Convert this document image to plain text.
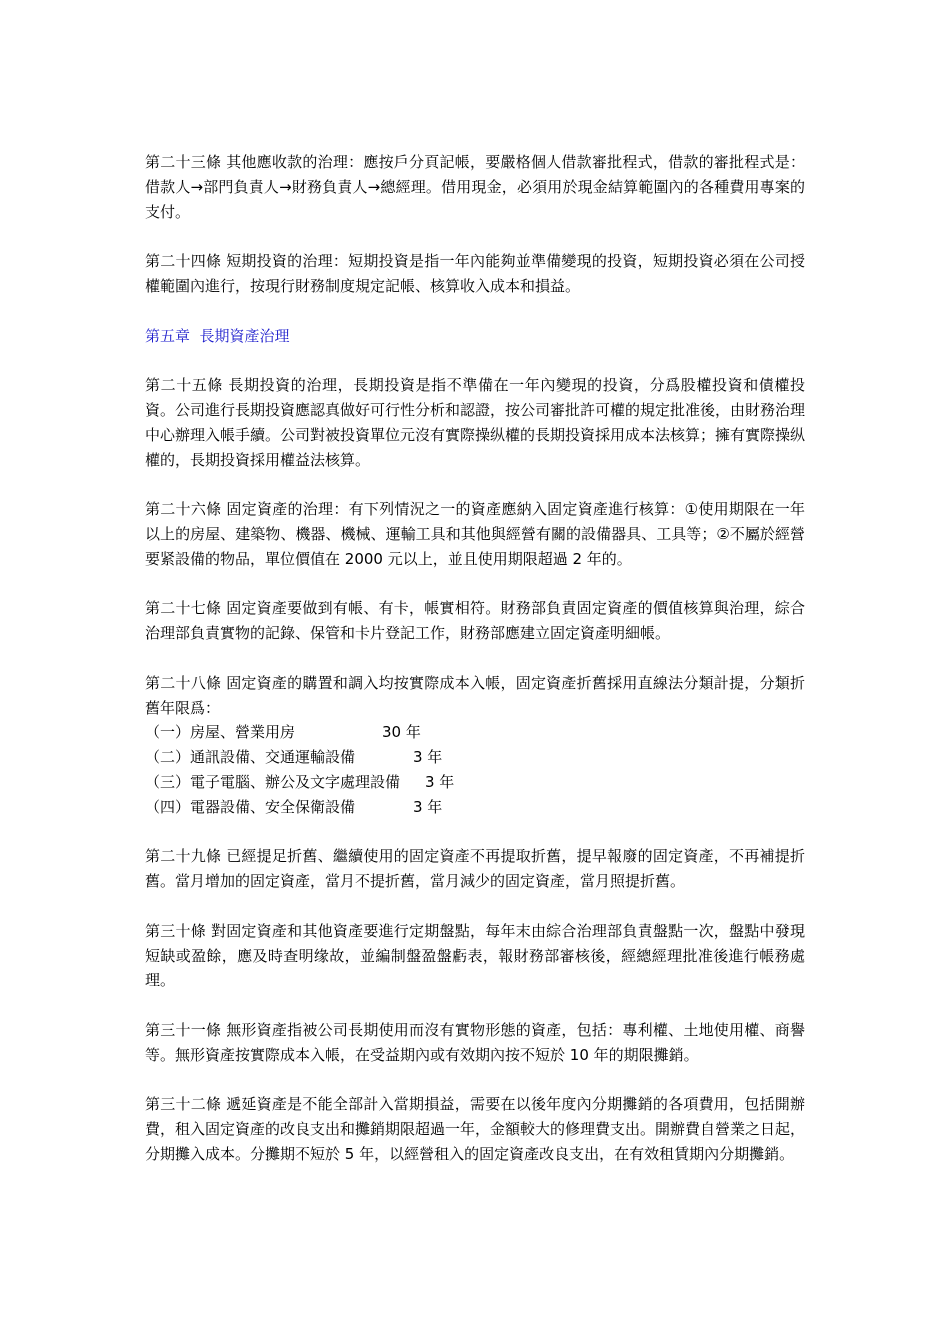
第二十三條 其他應收款的治理：應按戶分頁記帳，要嚴格個人借款審批程式，借款的審批程式是：借款人→部門負責人→財務負責人→總經理。借用現金，必須用於現金結算範圍內的各種費用專案的支付。

第二十四條 短期投資的治理：短期投資是指一年內能夠並準備變現的投資，短期投資必須在公司授權範圍內進行，按現行財務制度規定記帳、核算收入成本和損益。

第五章  長期資產治理

第二十五條 長期投資的治理，長期投資是指不準備在一年內變現的投資，分爲股權投資和債權投資。公司進行長期投資應認真做好可行性分析和認證，按公司審批許可權的規定批准後，由財務治理中心辦理入帳手續。公司對被投資單位元沒有實際操纵權的長期投資採用成本法核算；擁有實際操纵權的，長期投資採用權益法核算。

第二十六條 固定資產的治理：有下列情況之一的資產應納入固定資產進行核算：①使用期限在一年以上的房屋、建築物、機器、機械、運輸工具和其他與經營有關的設備器具、工具等；②不屬於經營要紧設備的物品，單位價值在 2000 元以上，並且使用期限超過 2 年的。

第二十七條 固定資產要做到有帳、有卡，帳實相符。財務部負責固定資產的價值核算與治理，綜合治理部負責實物的記錄、保管和卡片登記工作，財務部應建立固定資產明細帳。

第二十八條 固定資產的購置和調入均按實際成本入帳，固定資產折舊採用直線法分類計提，分類折舊年限爲：
（一）房屋、營業用房	30 年
（二）通訊設備、交通運輸設備	3 年
（三）電子電腦、辦公及文字處理設備 3 年
（四）電器設備、安全保衛設備	3 年

第二十九條 已經提足折舊、繼續使用的固定資產不再提取折舊，提早報廢的固定資產，不再補提折舊。當月增加的固定資產，當月不提折舊，當月減少的固定資產，當月照提折舊。

第三十條 對固定資產和其他資產要進行定期盤點，每年末由綜合治理部負責盤點一次，盤點中發現短缺或盈餘，應及時查明缘故，並編制盤盈盤虧表，報財務部審核後，經總經理批准後進行帳務處理。

第三十一條 無形資產指被公司長期使用而沒有實物形態的資產，包括：專利權、土地使用權、商譽等。無形資產按實際成本入帳，在受益期內或有效期內按不短於 10 年的期限攤銷。

第三十二條 遞延資產是不能全部計入當期損益，需要在以後年度內分期攤銷的各項費用，包括開辦費，租入固定資產的改良支出和攤銷期限超過一年，金額較大的修理費支出。開辦費自營業之日起，分期攤入成本。分攤期不短於 5 年，以經營租入的固定資產改良支出，在有效租賃期內分期攤銷。
